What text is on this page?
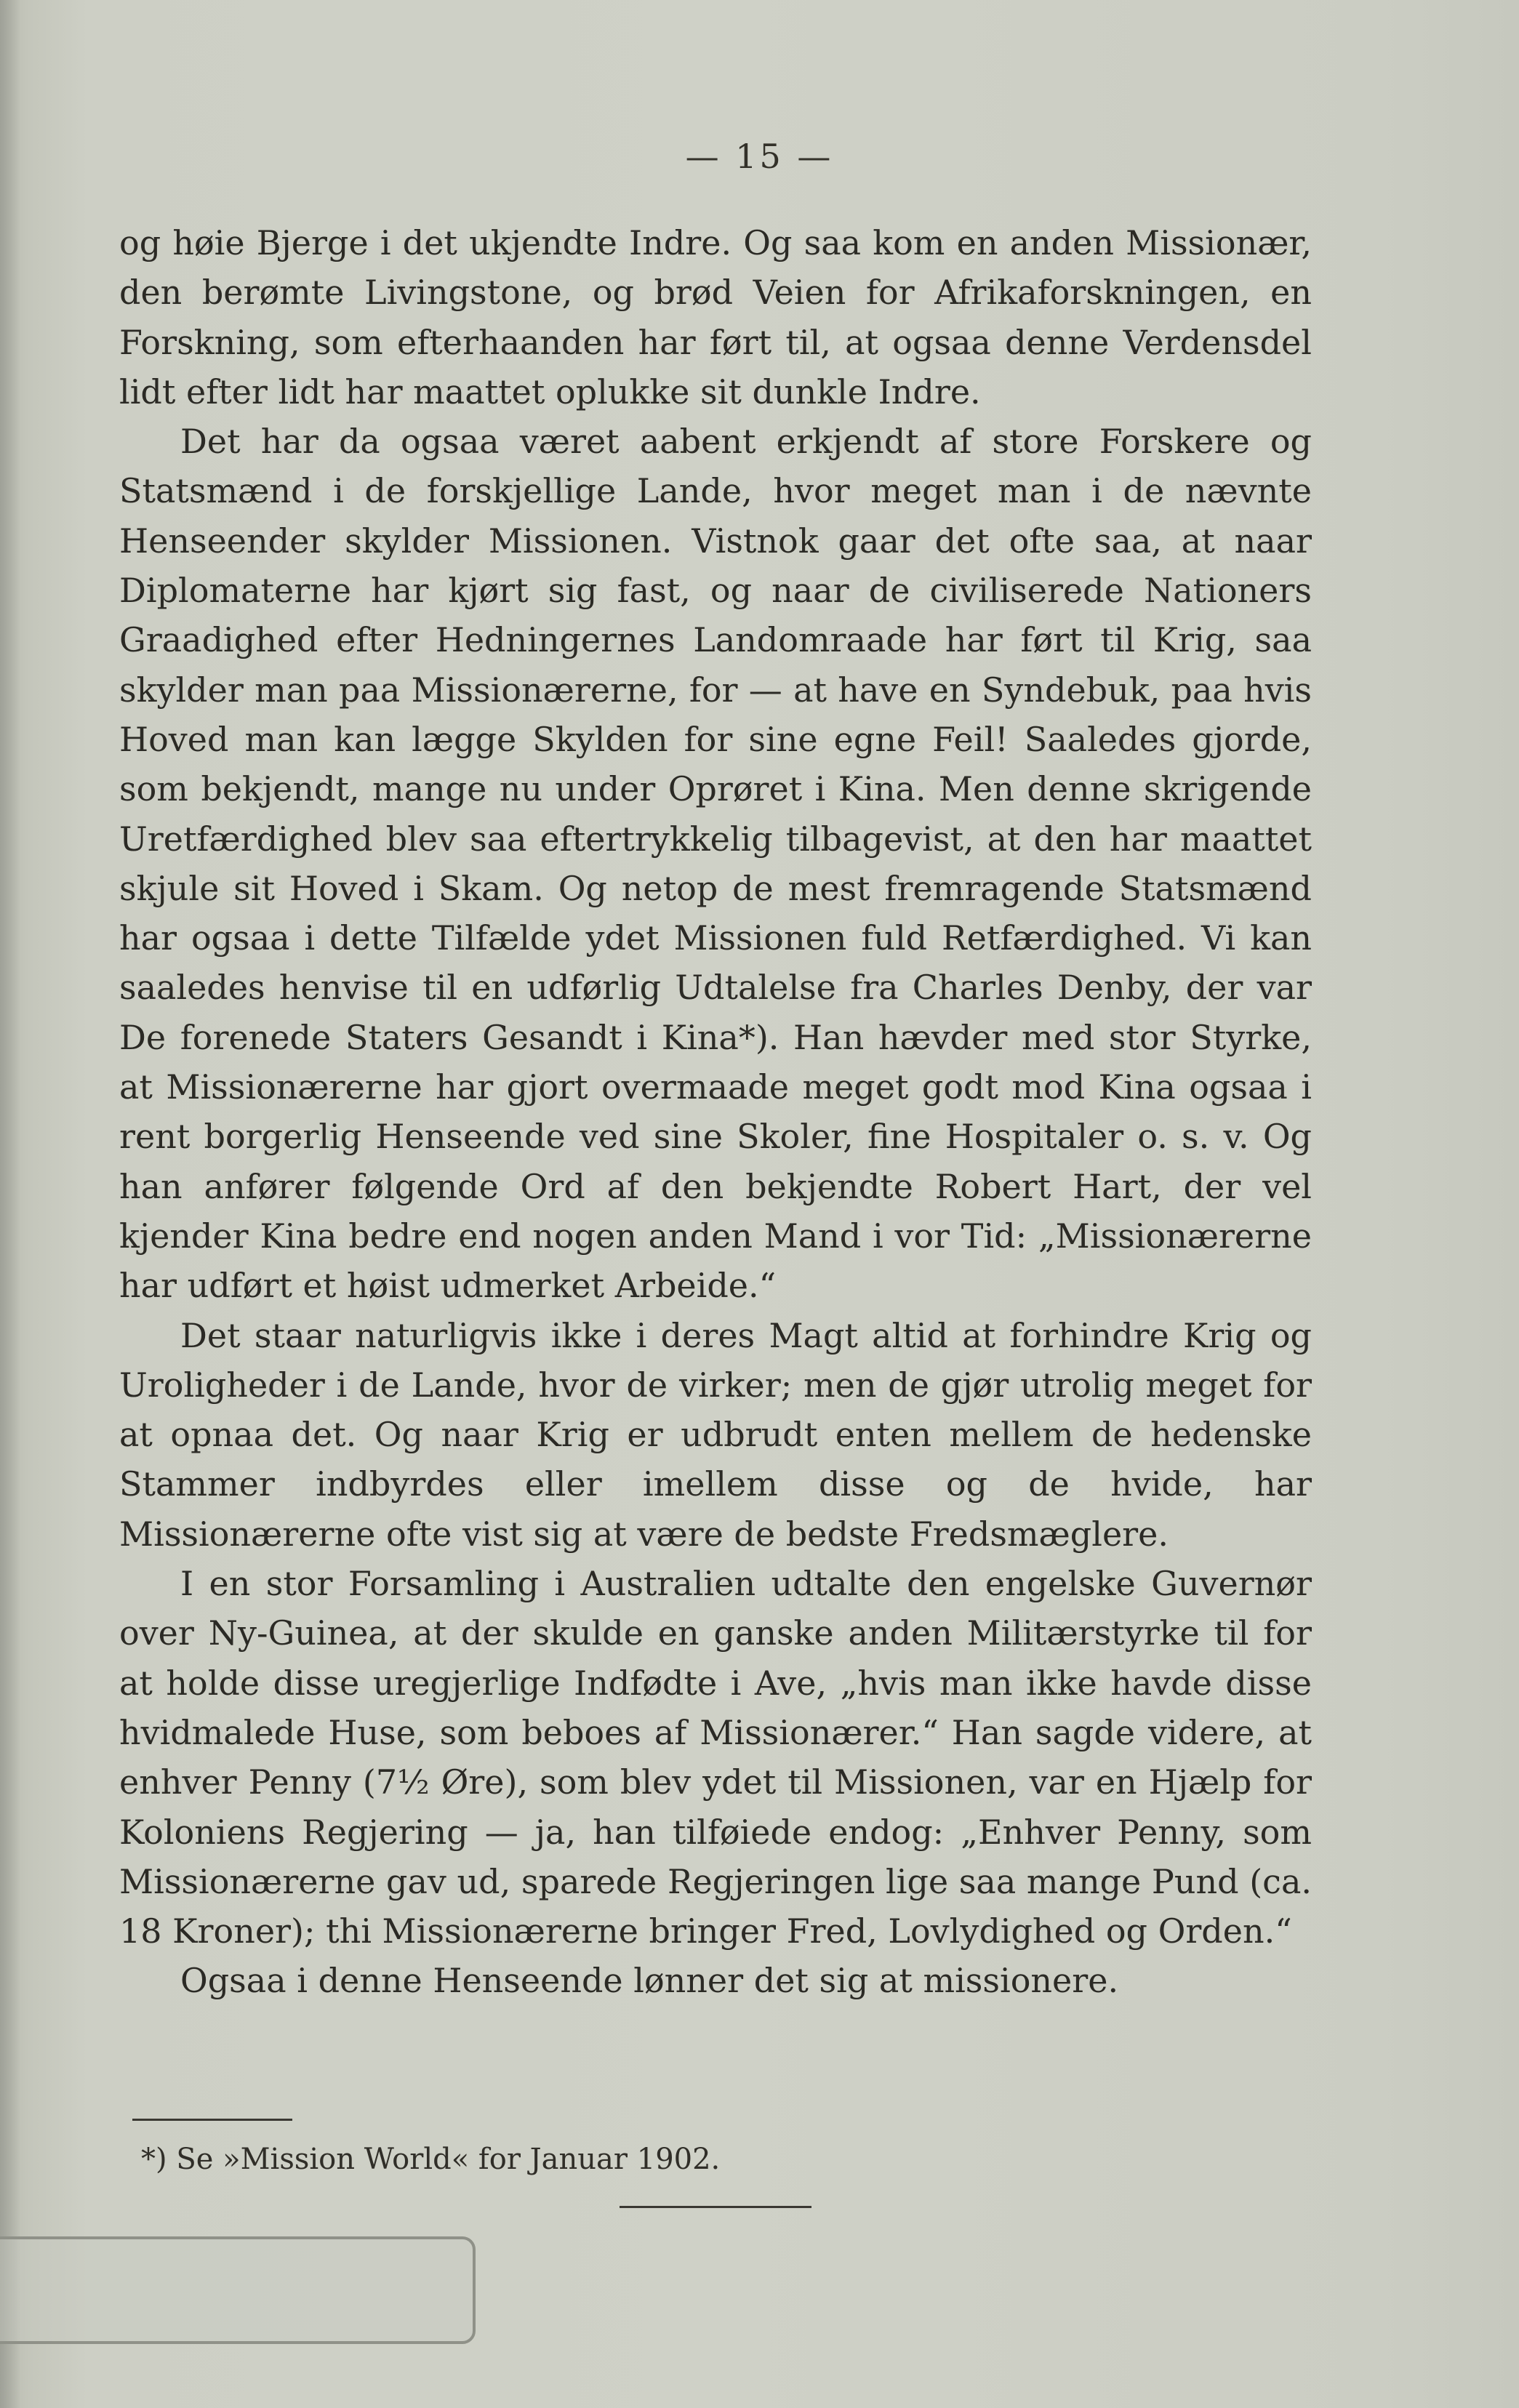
— 15 —

og høie Bjerge i det ukjendte Indre. Og saa kom en anden Missionær, den berømte Livingstone, og brød Veien for Afrikaforskningen, en Forskning, som efterhaanden har ført til, at ogsaa denne Verdensdel lidt efter lidt har maattet oplukke sit dunkle Indre.

Det har da ogsaa været aabent erkjendt af store Forskere og Statsmænd i de forskjellige Lande, hvor meget man i de nævnte Henseender skylder Missionen. Vistnok gaar det ofte saa, at naar Diplomaterne har kjørt sig fast, og naar de civiliserede Nationers Graadighed efter Hedningernes Landomraade har ført til Krig, saa skylder man paa Missionærerne, for — at have en Syndebuk, paa hvis Hoved man kan lægge Skylden for sine egne Feil! Saaledes gjorde, som bekjendt, mange nu under Oprøret i Kina. Men denne skrigende Uretfærdighed blev saa eftertrykkelig tilbagevist, at den har maattet skjule sit Hoved i Skam. Og netop de mest fremragende Statsmænd har ogsaa i dette Tilfælde ydet Missionen fuld Retfærdighed. Vi kan saaledes henvise til en udførlig Udtalelse fra Charles Denby, der var De forenede Staters Gesandt i Kina*). Han hævder med stor Styrke, at Missionærerne har gjort overmaade meget godt mod Kina ogsaa i rent borgerlig Henseende ved sine Skoler, fine Hospitaler o. s. v. Og han anfører følgende Ord af den bekjendte Robert Hart, der vel kjender Kina bedre end nogen anden Mand i vor Tid: „Missionærerne har udført et høist udmerket Arbeide.“

Det staar naturligvis ikke i deres Magt altid at forhindre Krig og Uroligheder i de Lande, hvor de virker; men de gjør utrolig meget for at opnaa det. Og naar Krig er udbrudt enten mellem de hedenske Stammer indbyrdes eller imellem disse og de hvide, har Missionærerne ofte vist sig at være de bedste Fredsmæglere.

I en stor Forsamling i Australien udtalte den engelske Guvernør over Ny-Guinea, at der skulde en ganske anden Militærstyrke til for at holde disse uregjerlige Indfødte i Ave, „hvis man ikke havde disse hvidmalede Huse, som beboes af Missionærer.“ Han sagde videre, at enhver Penny (7½ Øre), som blev ydet til Missionen, var en Hjælp for Koloniens Regjering — ja, han tilføiede endog: „Enhver Penny, som Missionærerne gav ud, sparede Regjeringen lige saa mange Pund (ca. 18 Kroner); thi Missionærerne bringer Fred, Lovlydighed og Orden.“

Ogsaa i denne Henseende lønner det sig at missionere.

*) Se »Mission World« for Januar 1902.
